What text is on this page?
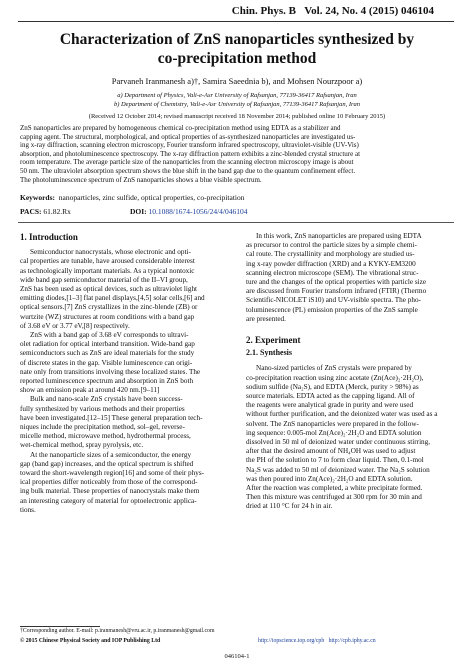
Chin. Phys. B Vol. 24, No. 4 (2015) 046104
Characterization of ZnS nanoparticles synthesized by
co-precipitation method
Parvaneh Iranmanesh a)†, Samira Saeednia b), and Mohsen Nourzpoor a)
a) Department of Physics, Vali-e-Asr University of Rafsanjan, 77139-36417 Rafsanjan, Iran
b) Department of Chemistry, Vali-e-Asr University of Rafsanjan, 77139-36417 Rafsanjan, Iran
(Received 12 October 2014; revised manuscript received 18 November 2014; published online 10 February 2015)
ZnS nanoparticles are prepared by homogeneous chemical co-precipitation method using EDTA as a stabilizer and
capping agent. The structural, morphological, and optical properties of as-synthesized nanoparticles are investigated us-
ing x-ray diffraction, scanning electron microscopy, Fourier transform infrared spectroscopy, ultraviolet-visible (UV-Vis)
absorption, and photoluminescence spectroscopy. The x-ray diffraction pattern exhibits a zinc-blended crystal structure at
room temperature. The average particle size of the nanoparticles from the scanning electron microscopy image is about
50 nm. The ultraviolet absorption spectrum shows the blue shift in the band gap due to the quantum confinement effect.
The photoluminescence spectrum of ZnS nanoparticles shows a blue visible spectrum.
Keywords: nanoparticles, zinc sulfide, optical properties, co-precipitation
PACS: 61.82.Rx	DOI: 10.1088/1674-1056/24/4/046104
1. Introduction
Semiconductor nanocrystals, whose electronic and opti-
cal properties are tunable, have aroused considerable interest
as technologically important materials. As a typical nontoxic
wide band gap semiconductor material of the II–VI group,
ZnS has been used as optical devices, such as ultraviolet light
emitting diodes,[1–3] flat panel displays,[4,5] solar cells,[6] and
optical sensors.[7] ZnS crystallizes in the zinc-blende (ZB) or
wurtzite (WZ) structures at room conditions with a band gap
of 3.68 eV or 3.77 eV,[8] respectively.
ZnS with a band gap of 3.68 eV corresponds to ultravi-
olet radiation for optical interband transition. Wide-band gap
semiconductors such as ZnS are ideal materials for the study
of discrete states in the gap. Visible luminescence can origi-
nate only from transitions involving these localized states. The
reported luminescence spectrum and absorption in ZnS both
show an emission peak at around 420 nm.[9–11]
Bulk and nano-scale ZnS crystals have been success-
fully synthesized by various methods and their properties
have been investigated.[12–15] These general preparation tech-
niques include the precipitation method, sol–gel, reverse-
micelle method, microwave method, hydrothermal process,
wet-chemical method, spray pyrolysis, etc.
At the nanoparticle sizes of a semiconductor, the energy
gap (band gap) increases, and the optical spectrum is shifted
toward the short-wavelength region[16] and some of their phys-
ical properties differ noticeably from those of the correspond-
ing bulk material. These properties of nanocrystals make them
an interesting category of material for optoelectronic applica-
tions.
In this work, ZnS nanoparticles are prepared using EDTA
as precursor to control the particle sizes by a simple chemi-
cal route. The crystallinity and morphology are studied us-
ing x-ray powder diffraction (XRD) and a KYKY-EM3200
scanning electron microscope (SEM). The vibrational struc-
ture and the changes of the optical properties with particle size
are discussed from Fourier transform infrared (FTIR) (Thermo
Scientific-NICOLET iS10) and UV-visible spectra. The pho-
toluminescence (PL) emission properties of the ZnS sample
are presented.
2. Experiment
2.1. Synthesis
Nano-sized particles of ZnS crystals were prepared by
co-precipitation reaction using zinc acetate (Zn(Ace)₂·2H₂O),
sodium sulfide (Na₂S), and EDTA (Merck, purity > 98%) as
source materials. EDTA acted as the capping ligand. All of
the reagents were analytical grade in purity and were used
without further purification, and the deionized water was used as a
solvent. The ZnS nanoparticles were prepared in the follow-
ing sequence: 0.005-mol Zn(Ace)₂·2H₂O and EDTA solution
dissolved in 50 ml of deionized water under continuous stirring,
after that the desired amount of NH₄OH was used to adjust
the PH of the solution to 7 to form clear liquid. Then, 0.1-mol
Na₂S was added to 50 ml of deionized water. The Na₂S solution
was then poured into Zn(Ace)₂·2H₂O and EDTA solution.
After the reaction was completed, a white precipitate formed.
Then this mixture was centrifuged at 300 rpm for 30 min and
dried at 110 °C for 24 h in air.
†Corresponding author. E-mail: p.iranmanesh@vru.ac.ir, p.iranmanesh@gmail.com
© 2015 Chinese Physical Society and IOP Publishing Ltd	http://iopscience.iop.org/cpb http://cpb.iphy.ac.cn
046104-1
